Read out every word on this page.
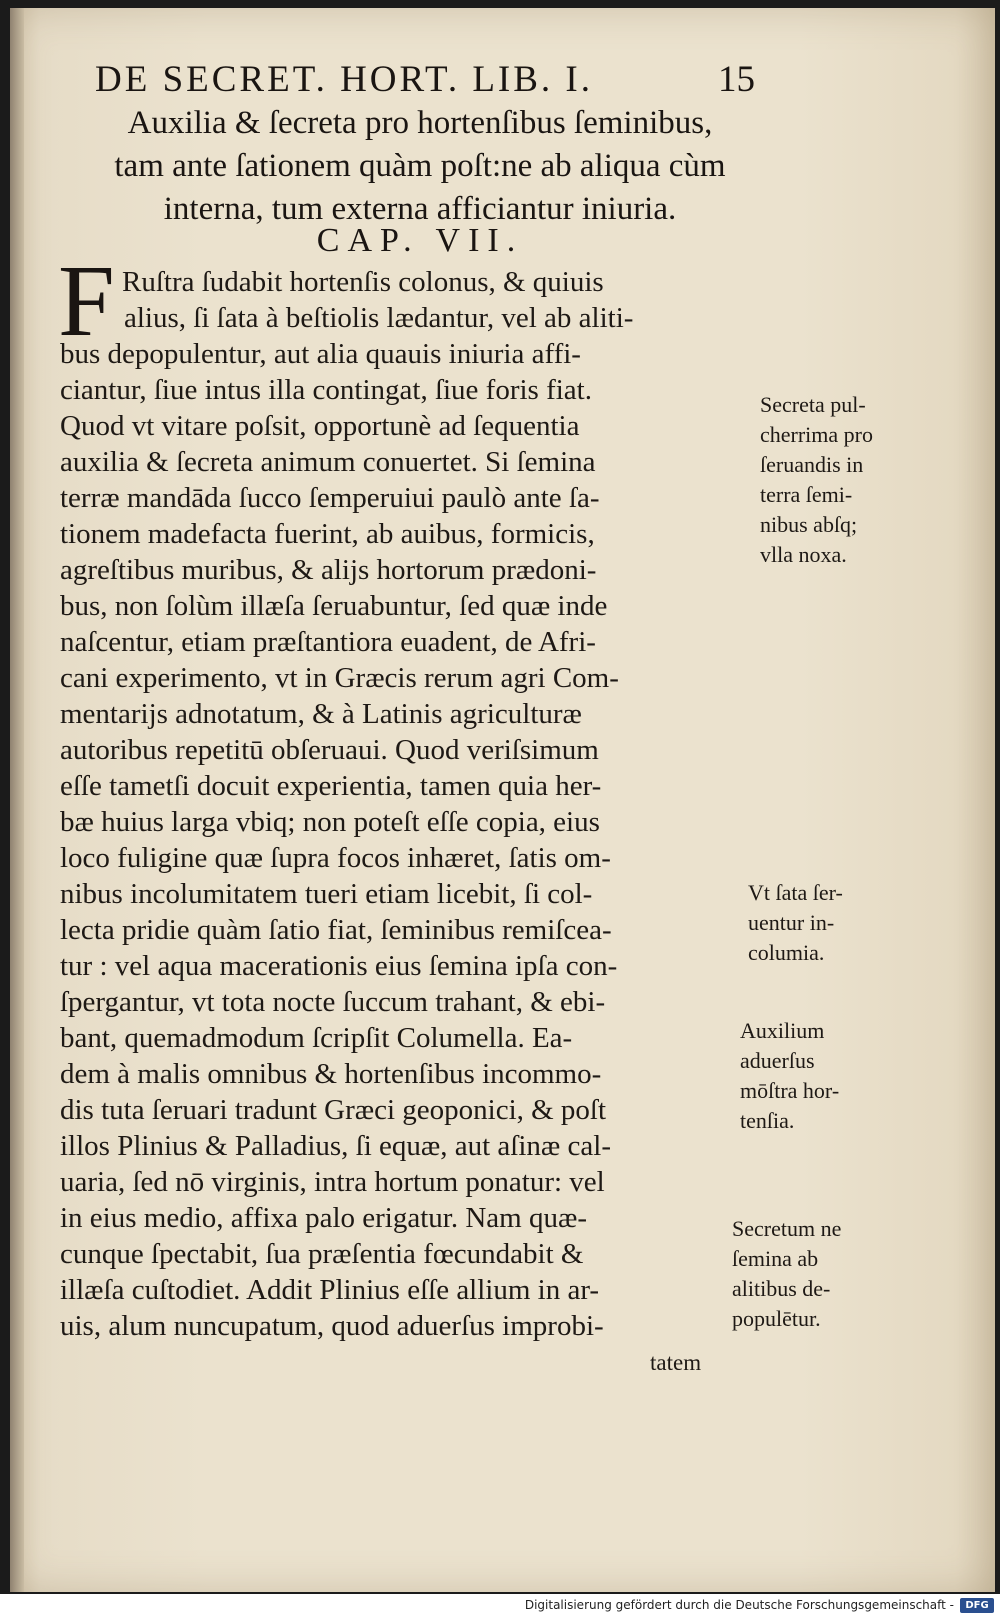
DE SECRET. HORT. LIB. I.	15
Auxilia & ſecreta pro hortenſibus ſeminibus,
tam ante ſationem quàm poſt:ne ab aliqua cùm
interna, tum externa afficiantur iniuria.
CAP. VII.
F Ruſtra ſudabit hortenſis colonus, & quiuis
alius, ſi ſata à beſtiolis lædantur, vel ab aliti-
bus depopulentur, aut alia quauis iniuria affi-
ciantur, ſiue intus illa contingat, ſiue foris fiat.
Quod vt vitare poſsit, opportunè ad ſequentia
auxilia & ſecreta animum conuertet. Si ſemina
terræ mandāda ſucco ſemperuiui paulò ante ſa-
tionem madefacta fuerint, ab auibus, formicis,
agreſtibus muribus, & alijs hortorum prædoni-
bus, non ſolùm illæſa ſeruabuntur, ſed quæ inde
naſcentur, etiam præſtantiora euadent, de Afri-
cani experimento, vt in Græcis rerum agri Com-
mentarijs adnotatum, & à Latinis agriculturæ
autoribus repetitū obſeruaui. Quod veriſsimum
eſſe tametſi docuit experientia, tamen quia her-
bæ huius larga vbiq; non poteſt eſſe copia, eius
loco fuligine quæ ſupra focos inhæret, ſatis om-
nibus incolumitatem tueri etiam licebit, ſi col-
lecta pridie quàm ſatio fiat, ſeminibus remiſcea-
tur : vel aqua macerationis eius ſemina ipſa con-
ſpergantur, vt tota nocte ſuccum trahant, & ebi-
bant, quemadmodum ſcripſit Columella. Ea-
dem à malis omnibus & hortenſibus incommo-
dis tuta ſeruari tradunt Græci geoponici, & poſt
illos Plinius & Palladius, ſi equæ, aut aſinæ cal-
uaria, ſed nō virginis, intra hortum ponatur: vel
in eius medio, affixa palo erigatur. Nam quæ-
cunque ſpectabit, ſua præſentia fœcundabit &
illæſa cuſtodiet. Addit Plinius eſſe allium in ar-
uis, alum nuncupatum, quod aduerſus improbi-
tatem
Secreta pul-
cherrima pro
ſeruandis in
terra ſemi-
nibus abſq;
vlla noxa.
Vt ſata ſer-
uentur in-
columia.
Auxilium
aduerſus
mōſtra hor-
tenſia.
Secretum ne
ſemina ab
alitibus de-
populētur.
Digitalisierung gefördert durch die Deutsche Forschungsgemeinschaft -	DFG
